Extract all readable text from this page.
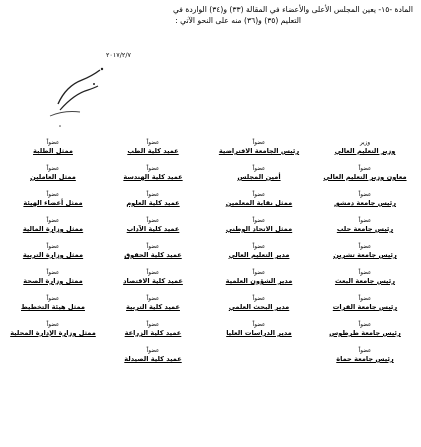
المادة -١٥- يعين المجلس الأعلى والأعضاء في المقالة (٣٣) و(٣٤) الواردة في
التعليم (٣٥) و(٣٦) منه على النحو الآتي :
٢٠١٧/٢/٧
وزير
وزير التعليم العالي
عضواً
معاون وزير التعليم العالي
عضواً
رئيس جامعة دمشق
عضواً
رئيس جامعة حلب
عضواً
رئيس جامعة تشرين
عضواً
رئيس جامعة البعث
عضواً
رئيس جامعة الفرات
عضواً
رئيس جامعة طرطوس
عضواً
رئيس جامعة حماة
عضواً
رئيس الجامعة الافتراضية
عضواً
أمين المجلس
عضواً
ممثل نقابة المعلمين
عضواً
ممثل الاتحاد الوطني
عضواً
مدير التعليم العالي
عضواً
مدير الشؤون العلمية
عضواً
مدير البحث العلمي
عضواً
مدير الدراسات العليا
عضواً
عميد كلية الطب
عضواً
عميد كلية الهندسة
عضواً
عميد كلية العلوم
عضواً
عميد كلية الآداب
عضواً
عميد كلية الحقوق
عضواً
عميد كلية الاقتصاد
عضواً
عميد كلية التربية
عضواً
عميد كلية الزراعة
عضواً
عميد كلية الصيدلة
عضواً
ممثل الطلبة
عضواً
ممثل العاملين
عضواً
ممثل أعضاء الهيئة
عضواً
ممثل وزارة المالية
عضواً
ممثل وزارة التربية
عضواً
ممثل وزارة الصحة
عضواً
ممثل هيئة التخطيط
عضواً
ممثل وزارة الإدارة المحلية
